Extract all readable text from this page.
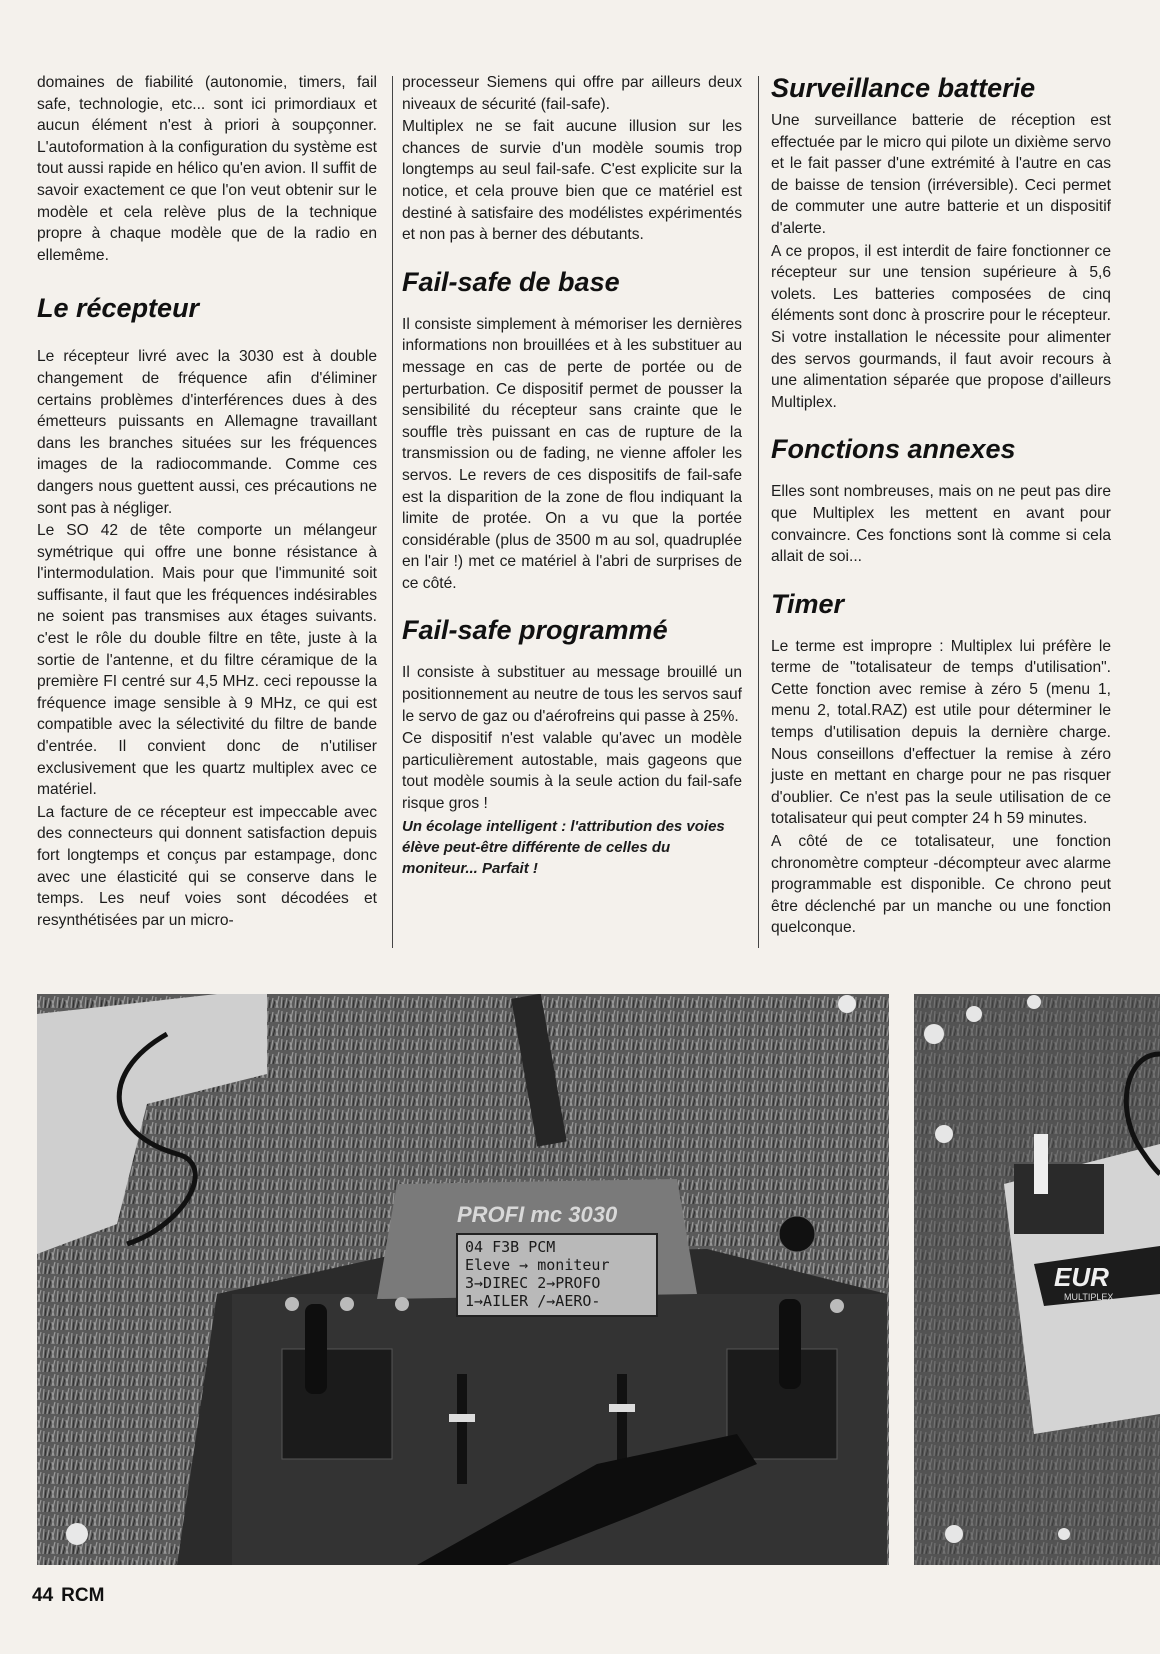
domaines de fiabilité (autonomie, timers, fail safe, technologie, etc... sont ici primordiaux et aucun élément n'est à priori à soupçonner. L'autoformation à la configuration du système est tout aussi rapide en hélico qu'en avion. Il suffit de savoir exactement ce que l'on veut obtenir sur le modèle et cela relève plus de la technique propre à chaque modèle que de la radio en ellemême.

Le récepteur

Le récepteur livré avec la 3030 est à double changement de fréquence afin d'éliminer certains problèmes d'interférences dues à des émetteurs puissants en Allemagne travaillant dans les branches situées sur les fréquences images de la radiocommande. Comme ces dangers nous guettent aussi, ces précautions ne sont pas à négliger.

Le SO 42 de tête comporte un mélangeur symétrique qui offre une bonne résistance à l'intermodulation. Mais pour que l'immunité soit suffisante, il faut que les fréquences indésirables ne soient pas transmises aux étages suivants. c'est le rôle du double filtre en tête, juste à la sortie de l'antenne, et du filtre céramique de la première FI centré sur 4,5 MHz. ceci repousse la fréquence image sensible à 9 MHz, ce qui est compatible avec la sélectivité du filtre de bande d'entrée. Il convient donc de n'utiliser exclusivement que les quartz multiplex avec ce matériel.

La facture de ce récepteur est impeccable avec des connecteurs qui donnent satisfaction depuis fort longtemps et conçus par estampage, donc avec une élasticité qui se conserve dans le temps. Les neuf voies sont décodées et resynthétisées par un micro-

processeur Siemens qui offre par ailleurs deux niveaux de sécurité (fail-safe).

Multiplex ne se fait aucune illusion sur les chances de survie d'un modèle soumis trop longtemps au seul fail-safe. C'est explicite sur la notice, et cela prouve bien que ce matériel est destiné à satisfaire des modélistes expérimentés et non pas à berner des débutants.

Fail-safe de base

Il consiste simplement à mémoriser les dernières informations non brouillées et à les substituer au message en cas de perte de portée ou de perturbation. Ce dispositif permet de pousser la sensibilité du récepteur sans crainte que le souffle très puissant en cas de rupture de la transmission ou de fading, ne vienne affoler les servos. Le revers de ces dispositifs de fail-safe est la disparition de la zone de flou indiquant la limite de protée. On a vu que la portée considérable (plus de 3500 m au sol, quadruplée en l'air !) met ce matériel à l'abri de surprises de ce côté.

Fail-safe programmé

Il consiste à substituer au message brouillé un positionnement au neutre de tous les servos sauf le servo de gaz ou d'aérofreins qui passe à 25%.

Ce dispositif n'est valable qu'avec un modèle particulièrement autostable, mais gageons que tout modèle soumis à la seule action du fail-safe risque gros !

Un écolage intelligent : l'attribution des voies élève peut-être différente de celles du moniteur... Parfait !

Surveillance batterie

Une surveillance batterie de réception est effectuée par le micro qui pilote un dixième servo et le fait passer d'une extrémité à l'autre en cas de baisse de tension (irréversible). Ceci permet de commuter une autre batterie et un dispositif d'alerte.

A ce propos, il est interdit de faire fonctionner ce récepteur sur une tension supérieure à 5,6 volets. Les batteries composées de cinq éléments sont donc à proscrire pour le récepteur. Si votre installation le nécessite pour alimenter des servos gourmands, il faut avoir recours à une alimentation séparée que propose d'ailleurs Multiplex.

Fonctions annexes

Elles sont nombreuses, mais on ne peut pas dire que Multiplex les mettent en avant pour convaincre. Ces fonctions sont là comme si cela allait de soi...

Timer

Le terme est impropre : Multiplex lui préfère le terme de "totalisateur de temps d'utilisation". Cette fonction avec remise à zéro 5 (menu 1, menu 2, total.RAZ) est utile pour déterminer le temps d'utilisation depuis la dernière charge. Nous conseillons d'effectuer la remise à zéro juste en mettant en charge pour ne pas risquer d'oublier. Ce n'est pas la seule utilisation de ce totalisateur qui peut compter 24 h 59 minutes.

A côté de ce totalisateur, une fonction chronomètre compteur -décompteur avec alarme programmable est disponible. Ce chrono peut être déclenché par un manche ou une fonction quelconque.

PROFI mc 3030
04 F3B PCM
Eleve → moniteur
3→DIREC 2→PROFO
1→AILER /→AERO-
EUR
MULTIPLEX
44 RCM
